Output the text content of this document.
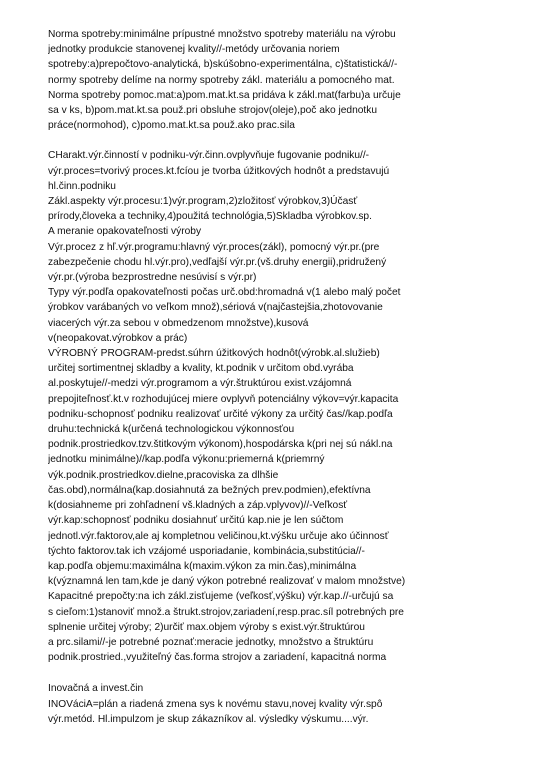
Norma spotreby:minimálne prípustné množstvo spotreby materiálu na výrobu
jednotky produkcie stanovenej kvality//-metódy určovania noriem
spotreby:a)prepočtovo-analytická, b)skúšobno-experimentálna, c)štatistická//-
normy spotreby delíme na normy spotreby zákl. materiálu a pomocného mat.
Norma spotreby pomoc.mat:a)pom.mat.kt.sa pridáva k zákl.mat(farbu)a určuje
sa v ks, b)pom.mat.kt.sa použ.pri obsluhe strojov(oleje),poč ako jednotku
práce(normohod), c)pomo.mat.kt.sa použ.ako prac.sila
CHarakt.výr.činností v podniku-výr.činn.ovplyvňuje fugovanie podniku//-
výr.proces=tvorivý proces.kt.fcíou je tvorba úžitkových hodnôt a predstavujú
hl.činn.podniku
Zákl.aspekty výr.procesu:1)výr.program,2)zložitosť výrobkov,3)Účasť
prírody,človeka a techniky,4)použitá technológia,5)Skladba výrobkov.sp.
A meranie opakovateľnosti výroby
Výr.procez z hľ.výr.programu:hlavný výr.proces(zákl), pomocný výr.pr.(pre
zabezpečenie chodu hl.výr.pro),vedľajší výr.pr.(vš.druhy energii),pridružený
výr.pr.(výroba bezprostredne nesúvisí s výr.pr)
Typy výr.podľa opakovateľnosti počas urč.obd:hromadná v(1 alebo malý počet
ýrobkov varábaných vo veľkom množ),sériová v(najčastejšia,zhotovovanie
viacerých výr.za sebou v obmedzenom množstve),kusová
v(neopakovat.výrobkov a prác)
VÝROBNÝ PROGRAM-predst.súhrn úžitkových hodnôt(výrobk.al.služieb)
určitej sortimentnej skladby a kvality, kt.podnik v určitom obd.vyrába
al.poskytuje//-medzi výr.programom a výr.štruktúrou exist.vzájomná
prepojiteľnosť.kt.v rozhodujúcej miere ovplyvň potenciálny výkov=výr.kapacita
podniku-schopnosť podniku realizovať určité výkony za určitý čas//kap.podľa
druhu:technická k(určená technologickou výkonnosťou
podnik.prostriedkov.tzv.štitkovým výkonom),hospodárska k(pri nej sú nákl.na
jednotku minimálne)//kap.podľa výkonu:priemerná k(priemrný
výk.podnik.prostriedkov.dielne,pracoviska za dlhšie
čas.obd),normálna(kap.dosiahnutá za bežných prev.podmien),efektívna
k(dosiahneme pri zohľadnení vš.kladných a záp.vplyvov)//-Veľkosť
výr.kap:schopnosť podniku dosiahnuť určitú kap.nie je len súčtom
jednotl.výr.faktorov,ale aj kompletnou veličinou,kt.výšku určuje ako účinnosť
týchto faktorov.tak ich vzájomé usporiadanie, kombinácia,substitúcia//-
kap.podľa objemu:maximálna k(maxim.výkon za min.čas),minimálna
k(významná len tam,kde je daný výkon potrebné realizovať v malom množstve)
Kapacitné prepočty:na ich zákl.zisťujeme (veľkosť,výšku) výr.kap.//-určujú sa
s cieľom:1)stanoviť množ.a štrukt.strojov,zariadení,resp.prac.síl potrebných pre
splnenie určitej výroby; 2)určiť max.objem výroby s exist.výr.štruktúrou
a prc.silami//-je potrebné poznať:meracie jednotky, množstvo a štruktúru
podnik.prostried.,využiteľný čas.forma strojov a zariadení, kapacitná norma
Inovačná a invest.čin
INOVáciA=plán a riadená zmena sys k novému stavu,novej kvality výr.spô
výr.metód. Hl.impulzom je skup zákazníkov al. výsledky výskumu....výr.
